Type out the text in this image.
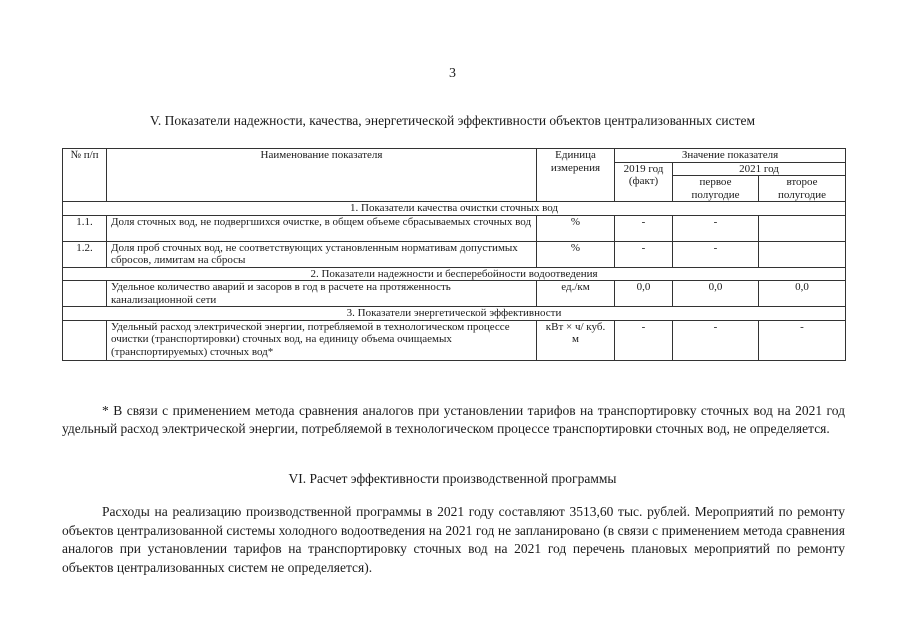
3
V. Показатели надежности, качества, энергетической эффективности объектов централизованных систем
№ п/п	Наименование показателя	Единица измерения	Значение показателя		
			2019 год (факт)	2021 год	
				первое полугодие	второе полугодие
1. Показатели качества очистки сточных вод					
1.1.	Доля сточных вод, не подвергшихся очистке, в общем объеме сбрасываемых сточных вод	%	-	-	
1.2.	Доля проб сточных вод, не соответствующих установленным нормативам допустимых сбросов, лимитам на сбросы	%	-	-	
2. Показатели надежности и бесперебойности водоотведения					
	Удельное количество аварий и засоров в год в расчете на протяженность канализационной сети	ед./км	0,0	0,0	0,0
3. Показатели энергетической эффективности					
	Удельный расход электрической энергии, потребляемой в технологическом процессе очистки (транспортировки) сточных вод, на единицу объема очищаемых (транспортируемых) сточных вод*	кВт × ч/ куб. м	-	-	-
* В связи с применением метода сравнения аналогов при установлении тарифов на транспортировку сточных вод на 2021 год удельный расход электрической энергии, потребляемой в технологическом процессе транспортировки сточных вод, не определяется.
VI. Расчет эффективности производственной программы
Расходы на реализацию производственной программы в 2021 году составляют 3513,60 тыс. рублей. Мероприятий по ремонту объектов централизованной системы холодного водоотведения на 2021 год не запланировано (в связи с применением метода сравнения аналогов при установлении тарифов на транспортировку сточных вод на 2021 год перечень плановых мероприятий по ремонту объектов централизованных систем не определяется).
